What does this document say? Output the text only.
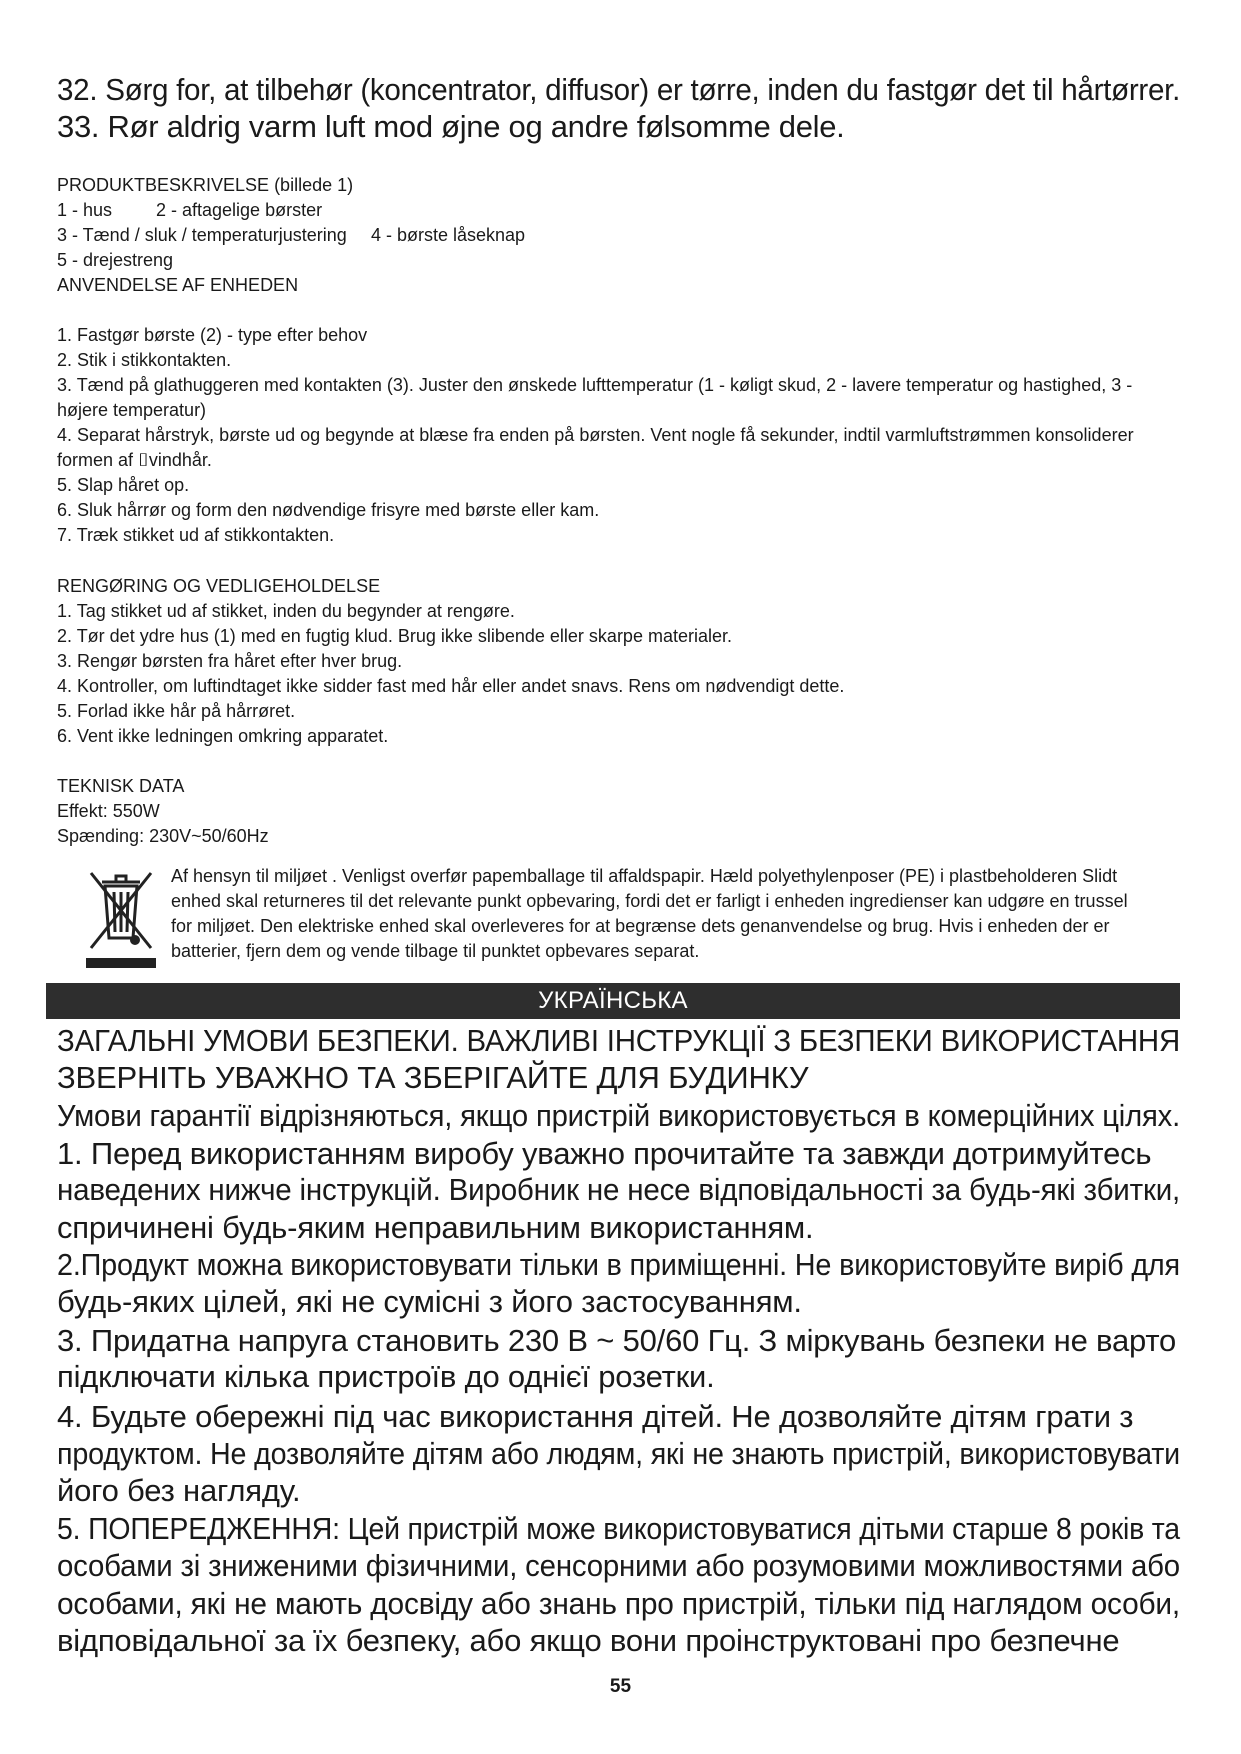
32. Sørg for, at tilbehør (koncentrator, diffusor) er tørre, inden du fastgør det til hårtørrer.
33. Rør aldrig varm luft mod øjne og andre følsomme dele.
PRODUKTBESKRIVELSE (billede 1)
1 - hus 2 - aftagelige børster
3 - Tænd / sluk / temperaturjustering 4 - børste låseknap
5 - drejestreng
ANVENDELSE AF ENHEDEN
1. Fastgør børste (2) - type efter behov
2. Stik i stikkontakten.
3. Tænd på glathuggeren med kontakten (3). Juster den ønskede lufttemperatur (1 - køligt skud, 2 - lavere temperatur og hastighed, 3 -
højere temperatur)
4. Separat hårstryk, børste ud og begynde at blæse fra enden på børsten. Vent nogle få sekunder, indtil varmluftstrømmen konsoliderer
formen af ⌷vindhår.
5. Slap håret op.
6. Sluk hårrør og form den nødvendige frisyre med børste eller kam.
7. Træk stikket ud af stikkontakten.
RENGØRING OG VEDLIGEHOLDELSE
1. Tag stikket ud af stikket, inden du begynder at rengøre.
2. Tør det ydre hus (1) med en fugtig klud. Brug ikke slibende eller skarpe materialer.
3. Rengør børsten fra håret efter hver brug.
4. Kontroller, om luftindtaget ikke sidder fast med hår eller andet snavs. Rens om nødvendigt dette.
5. Forlad ikke hår på hårrøret.
6. Vent ikke ledningen omkring apparatet.
TEKNISK DATA
Effekt: 550W
Spænding: 230V~50/60Hz
Af hensyn til miljøet . Venligst overfør papemballage til affaldspapir. Hæld polyethylenposer (PE) i plastbeholderen Slidt
enhed skal returneres til det relevante punkt opbevaring, fordi det er farligt i enheden ingredienser kan udgøre en trussel
for miljøet. Den elektriske enhed skal overleveres for at begrænse dets genanvendelse og brug. Hvis i enheden der er
batterier, fjern dem og vende tilbage til punktet opbevares separat.
УКРАЇНСЬКА
ЗАГАЛЬНІ УМОВИ БЕЗПЕКИ. ВАЖЛИВІ ІНСТРУКЦІЇ З БЕЗПЕКИ ВИКОРИСТАННЯ
ЗВЕРНІТЬ УВАЖНО ТА ЗБЕРІГАЙТЕ ДЛЯ БУДИНКУ
Умови гарантії відрізняються, якщо пристрій використовується в комерційних цілях.
1. Перед використанням виробу уважно прочитайте та завжди дотримуйтесь
наведених нижче інструкцій. Виробник не несе відповідальності за будь-які збитки,
спричинені будь-яким неправильним використанням.
2.Продукт можна використовувати тільки в приміщенні. Не використовуйте виріб для
будь-яких цілей, які не сумісні з його застосуванням.
3. Придатна напруга становить 230 В ~ 50/60 Гц. З міркувань безпеки не варто
підключати кілька пристроїв до однієї розетки.
4. Будьте обережні під час використання дітей. Не дозволяйте дітям грати з
продуктом. Не дозволяйте дітям або людям, які не знають пристрій, використовувати
його без нагляду.
5. ПОПЕРЕДЖЕННЯ: Цей пристрій може використовуватися дітьми старше 8 років та
особами зі зниженими фізичними, сенсорними або розумовими можливостями або
особами, які не мають досвіду або знань про пристрій, тільки під наглядом особи,
відповідальної за їх безпеку, або якщо вони проінструктовані про безпечне
55
